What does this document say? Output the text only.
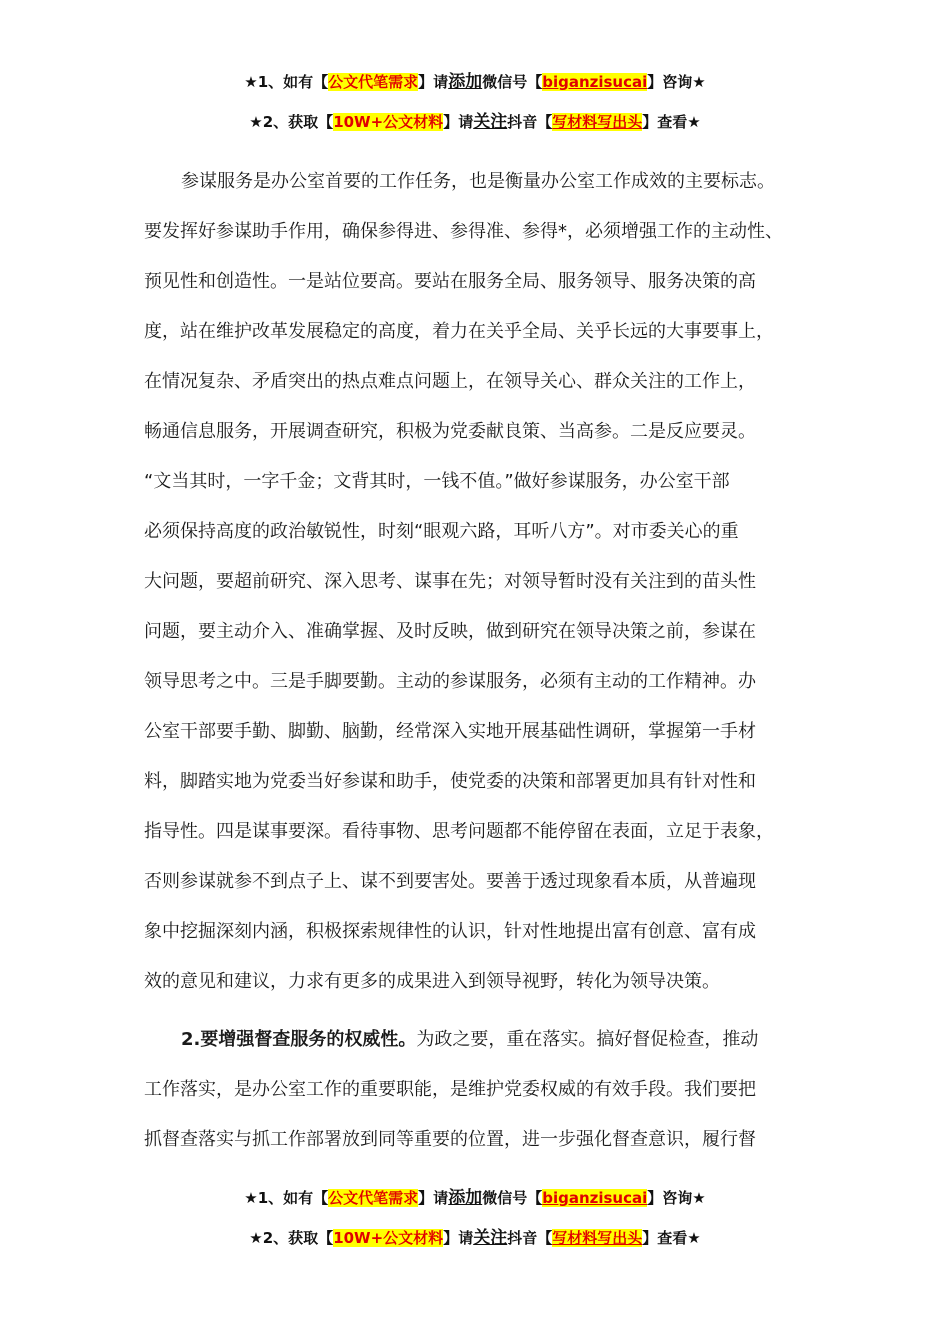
★1、如有【公文代笔需求】请添加微信号【biganzisucai】咨询★
★2、获取【10W+公文材料】请关注抖音【写材料写出头】查看★
参谋服务是办公室首要的工作任务，也是衡量办公室工作成效的主要标志。
要发挥好参谋助手作用，确保参得进、参得准、参得*，必须增强工作的主动性、
预见性和创造性。一是站位要高。要站在服务全局、服务领导、服务决策的高
度，站在维护改革发展稳定的高度，着力在关乎全局、关乎长远的大事要事上，
在情况复杂、矛盾突出的热点难点问题上，在领导关心、群众关注的工作上，
畅通信息服务，开展调查研究，积极为党委献良策、当高参。二是反应要灵。
“文当其时，一字千金；文背其时，一钱不值。”做好参谋服务，办公室干部
必须保持高度的政治敏锐性，时刻“眼观六路，耳听八方”。对市委关心的重
大问题，要超前研究、深入思考、谋事在先；对领导暂时没有关注到的苗头性
问题，要主动介入、准确掌握、及时反映，做到研究在领导决策之前，参谋在
领导思考之中。三是手脚要勤。主动的参谋服务，必须有主动的工作精神。办
公室干部要手勤、脚勤、脑勤，经常深入实地开展基础性调研，掌握第一手材
料，脚踏实地为党委当好参谋和助手，使党委的决策和部署更加具有针对性和
指导性。四是谋事要深。看待事物、思考问题都不能停留在表面，立足于表象，
否则参谋就参不到点子上、谋不到要害处。要善于透过现象看本质，从普遍现
象中挖掘深刻内涵，积极探索规律性的认识，针对性地提出富有创意、富有成
效的意见和建议，力求有更多的成果进入到领导视野，转化为领导决策。
2.要增强督查服务的权威性。为政之要，重在落实。搞好督促检查，推动
工作落实，是办公室工作的重要职能，是维护党委权威的有效手段。我们要把
抓督查落实与抓工作部署放到同等重要的位置，进一步强化督查意识，履行督
★1、如有【公文代笔需求】请添加微信号【biganzisucai】咨询★
★2、获取【10W+公文材料】请关注抖音【写材料写出头】查看★
